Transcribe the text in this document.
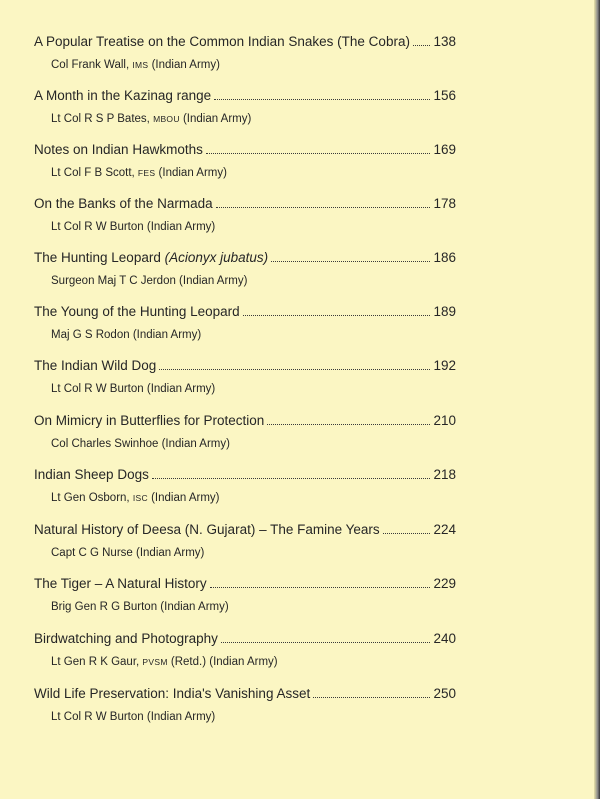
A Popular Treatise on the Common Indian Snakes (The Cobra) 138
Col Frank Wall, IMS (Indian Army)
A Month in the Kazinag range	156
Lt Col R S P Bates, MBOU (Indian Army)
Notes on Indian Hawkmoths	169
Lt Col F B Scott, FES (Indian Army)
On the Banks of the Narmada	178
Lt Col R W Burton (Indian Army)
The Hunting Leopard (Acionyx jubatus)	186
Surgeon Maj T C Jerdon (Indian Army)
The Young of the Hunting Leopard	189
Maj G S Rodon (Indian Army)
The Indian Wild Dog	192
Lt Col R W Burton (Indian Army)
On Mimicry in Butterflies for Protection	210
Col Charles Swinhoe (Indian Army)
Indian Sheep Dogs	218
Lt Gen Osborn, ISC (Indian Army)
Natural History of Deesa (N. Gujarat) – The Famine Years	224
Capt C G Nurse (Indian Army)
The Tiger – A Natural History	229
Brig Gen R G Burton (Indian Army)
Birdwatching and Photography	240
Lt Gen R K Gaur, PVSM (Retd.) (Indian Army)
Wild Life Preservation: India's Vanishing Asset	250
Lt Col R W Burton (Indian Army)
